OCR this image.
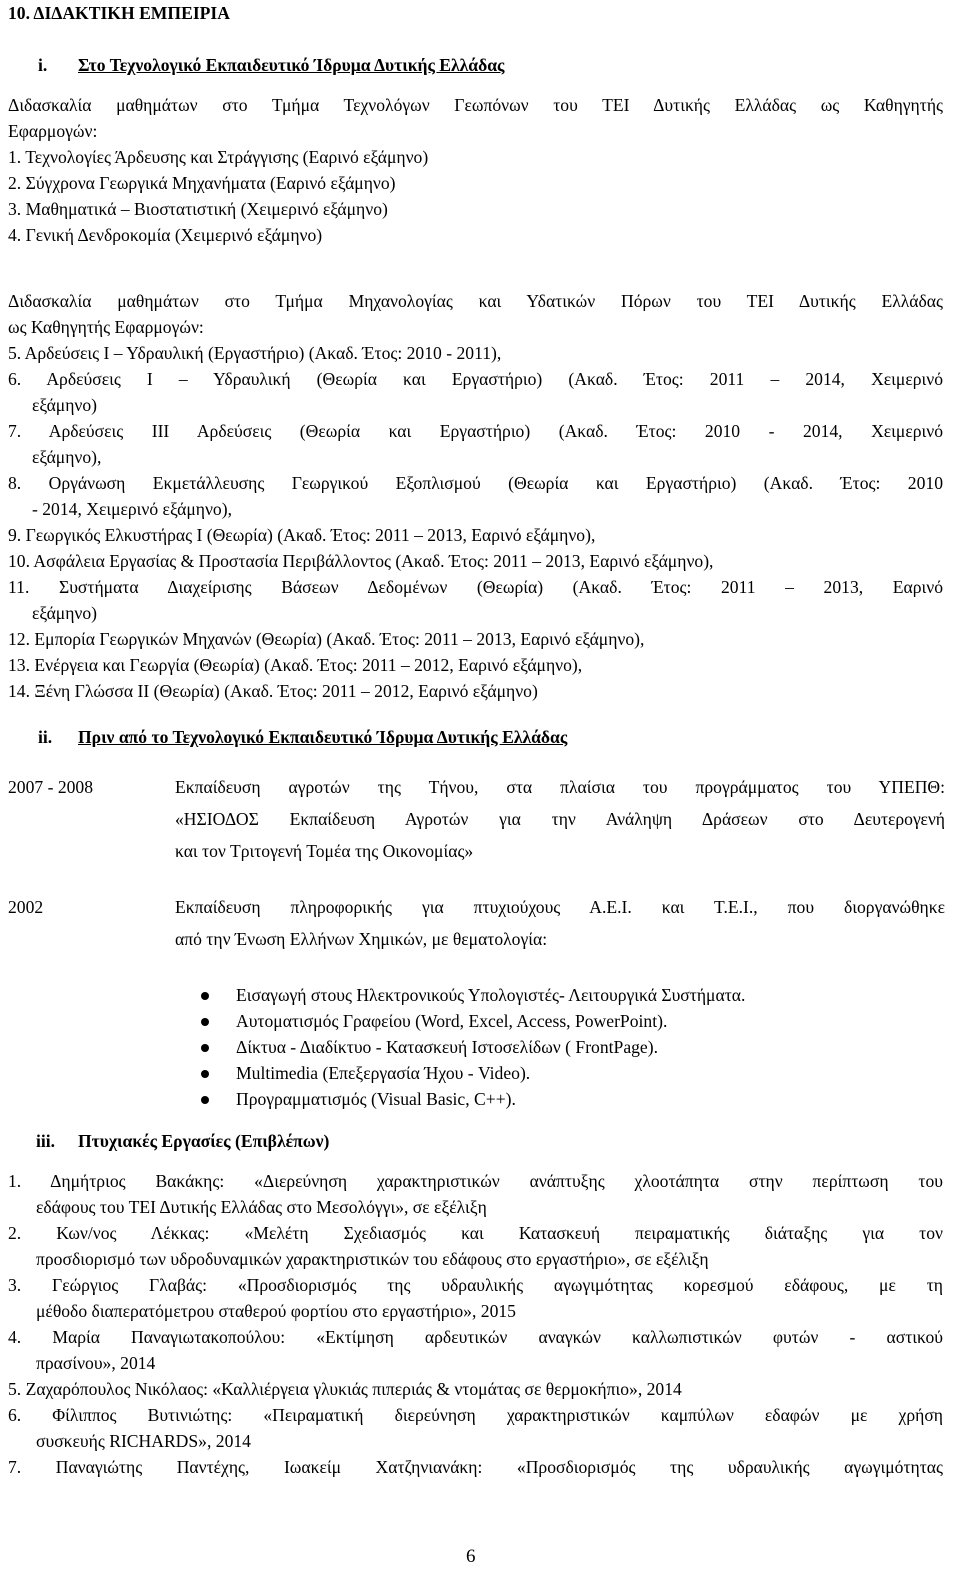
10. ΔΙΔΑΚΤΙΚΗ ΕΜΠΕΙΡΙΑ
i. Στο Τεχνολογικό Εκπαιδευτικό Ίδρυμα Δυτικής Ελλάδας
Διδασκαλία μαθημάτων στο Τμήμα Τεχνολόγων Γεωπόνων του ΤΕΙ Δυτικής Ελλάδας ως Καθηγητής
Εφαρμογών:
1. Τεχνολογίες Άρδευσης και Στράγγισης (Εαρινό εξάμηνο)
2. Σύγχρονα Γεωργικά Μηχανήματα (Εαρινό εξάμηνο)
3. Μαθηματικά – Βιοστατιστική (Χειμερινό εξάμηνο)
4. Γενική Δενδροκομία (Χειμερινό εξάμηνο)
Διδασκαλία μαθημάτων στο Τμήμα Μηχανολογίας και Υδατικών Πόρων του ΤΕΙ Δυτικής Ελλάδας
ως Καθηγητής Εφαρμογών:
5. Αρδεύσεις Ι – Υδραυλική (Εργαστήριο) (Ακαδ. Έτος: 2010 - 2011),
6. Αρδεύσεις Ι – Υδραυλική (Θεωρία και Εργαστήριο) (Ακαδ. Έτος: 2011 – 2014, Χειμερινό
εξάμηνο)
7. Αρδεύσεις ΙΙΙ Αρδεύσεις (Θεωρία και Εργαστήριο) (Ακαδ. Έτος: 2010 - 2014, Χειμερινό
εξάμηνο),
8. Οργάνωση Εκμετάλλευσης Γεωργικού Εξοπλισμού (Θεωρία και Εργαστήριο) (Ακαδ. Έτος: 2010
- 2014, Χειμερινό εξάμηνο),
9. Γεωργικός Ελκυστήρας Ι (Θεωρία) (Ακαδ. Έτος: 2011 – 2013, Εαρινό εξάμηνο),
10. Ασφάλεια Εργασίας & Προστασία Περιβάλλοντος (Ακαδ. Έτος: 2011 – 2013, Εαρινό εξάμηνο),
11. Συστήματα Διαχείρισης Βάσεων Δεδομένων (Θεωρία) (Ακαδ. Έτος: 2011 – 2013, Εαρινό
εξάμηνο)
12. Εμπορία Γεωργικών Μηχανών (Θεωρία) (Ακαδ. Έτος: 2011 – 2013, Εαρινό εξάμηνο),
13. Ενέργεια και Γεωργία (Θεωρία) (Ακαδ. Έτος: 2011 – 2012, Εαρινό εξάμηνο),
14. Ξένη Γλώσσα ΙΙ (Θεωρία) (Ακαδ. Έτος: 2011 – 2012, Εαρινό εξάμηνο)
ii. Πριν από το Τεχνολογικό Εκπαιδευτικό Ίδρυμα Δυτικής Ελλάδας
2007 - 2008	Εκπαίδευση αγροτών της Τήνου, στα πλαίσια του προγράμματος του ΥΠΕΠΘ:
«ΗΣΙΟΔΟΣ Εκπαίδευση Αγροτών για την Ανάληψη Δράσεων στο Δευτερογενή
και τον Τριτογενή Τομέα της Οικονομίας»
2002	Εκπαίδευση πληροφορικής για πτυχιούχους Α.Ε.Ι. και Τ.Ε.Ι., που διοργανώθηκε
από την Ένωση Ελλήνων Χημικών, με θεματολογία:
Εισαγωγή στους Ηλεκτρονικούς Υπολογιστές- Λειτουργικά Συστήματα.
Αυτοματισμός Γραφείου (Word, Excel, Access, PowerPoint).
Δίκτυα - Διαδίκτυο - Κατασκευή Ιστοσελίδων ( FrontPage).
Multimedia (Επεξεργασία Ήχου - Video).
Προγραμματισμός (Visual Basic, C++).
iii. Πτυχιακές Εργασίες (Επιβλέπων)
1. Δημήτριος Βακάκης: «Διερεύνηση χαρακτηριστικών ανάπτυξης χλοοτάπητα στην περίπτωση του
εδάφους του ΤΕΙ Δυτικής Ελλάδας στο Μεσολόγγι», σε εξέλιξη
2. Κων/νος Λέκκας: «Μελέτη Σχεδιασμός και Κατασκευή πειραματικής διάταξης για τον
προσδιορισμό των υδροδυναμικών χαρακτηριστικών του εδάφους στο εργαστήριο», σε εξέλιξη
3. Γεώργιος Γλαβάς: «Προσδιορισμός της υδραυλικής αγωγιμότητας κορεσμού εδάφους, με τη
μέθοδο διαπερατόμετρου σταθερού φορτίου στο εργαστήριο», 2015
4. Μαρία Παναγιωτακοπούλου: «Εκτίμηση αρδευτικών αναγκών καλλωπιστικών φυτών - αστικού
πρασίνου», 2014
5. Ζαχαρόπουλος Νικόλαος: «Καλλιέργεια γλυκιάς πιπεριάς & ντομάτας σε θερμοκήπιο», 2014
6. Φίλιππος Βυτινιώτης: «Πειραματική διερεύνηση χαρακτηριστικών καμπύλων εδαφών με χρήση
συσκευής RICHARDS», 2014
7. Παναγιώτης Παντέχης, Ιωακείμ Χατζηνιανάκη: «Προσδιορισμός της υδραυλικής αγωγιμότητας
6
